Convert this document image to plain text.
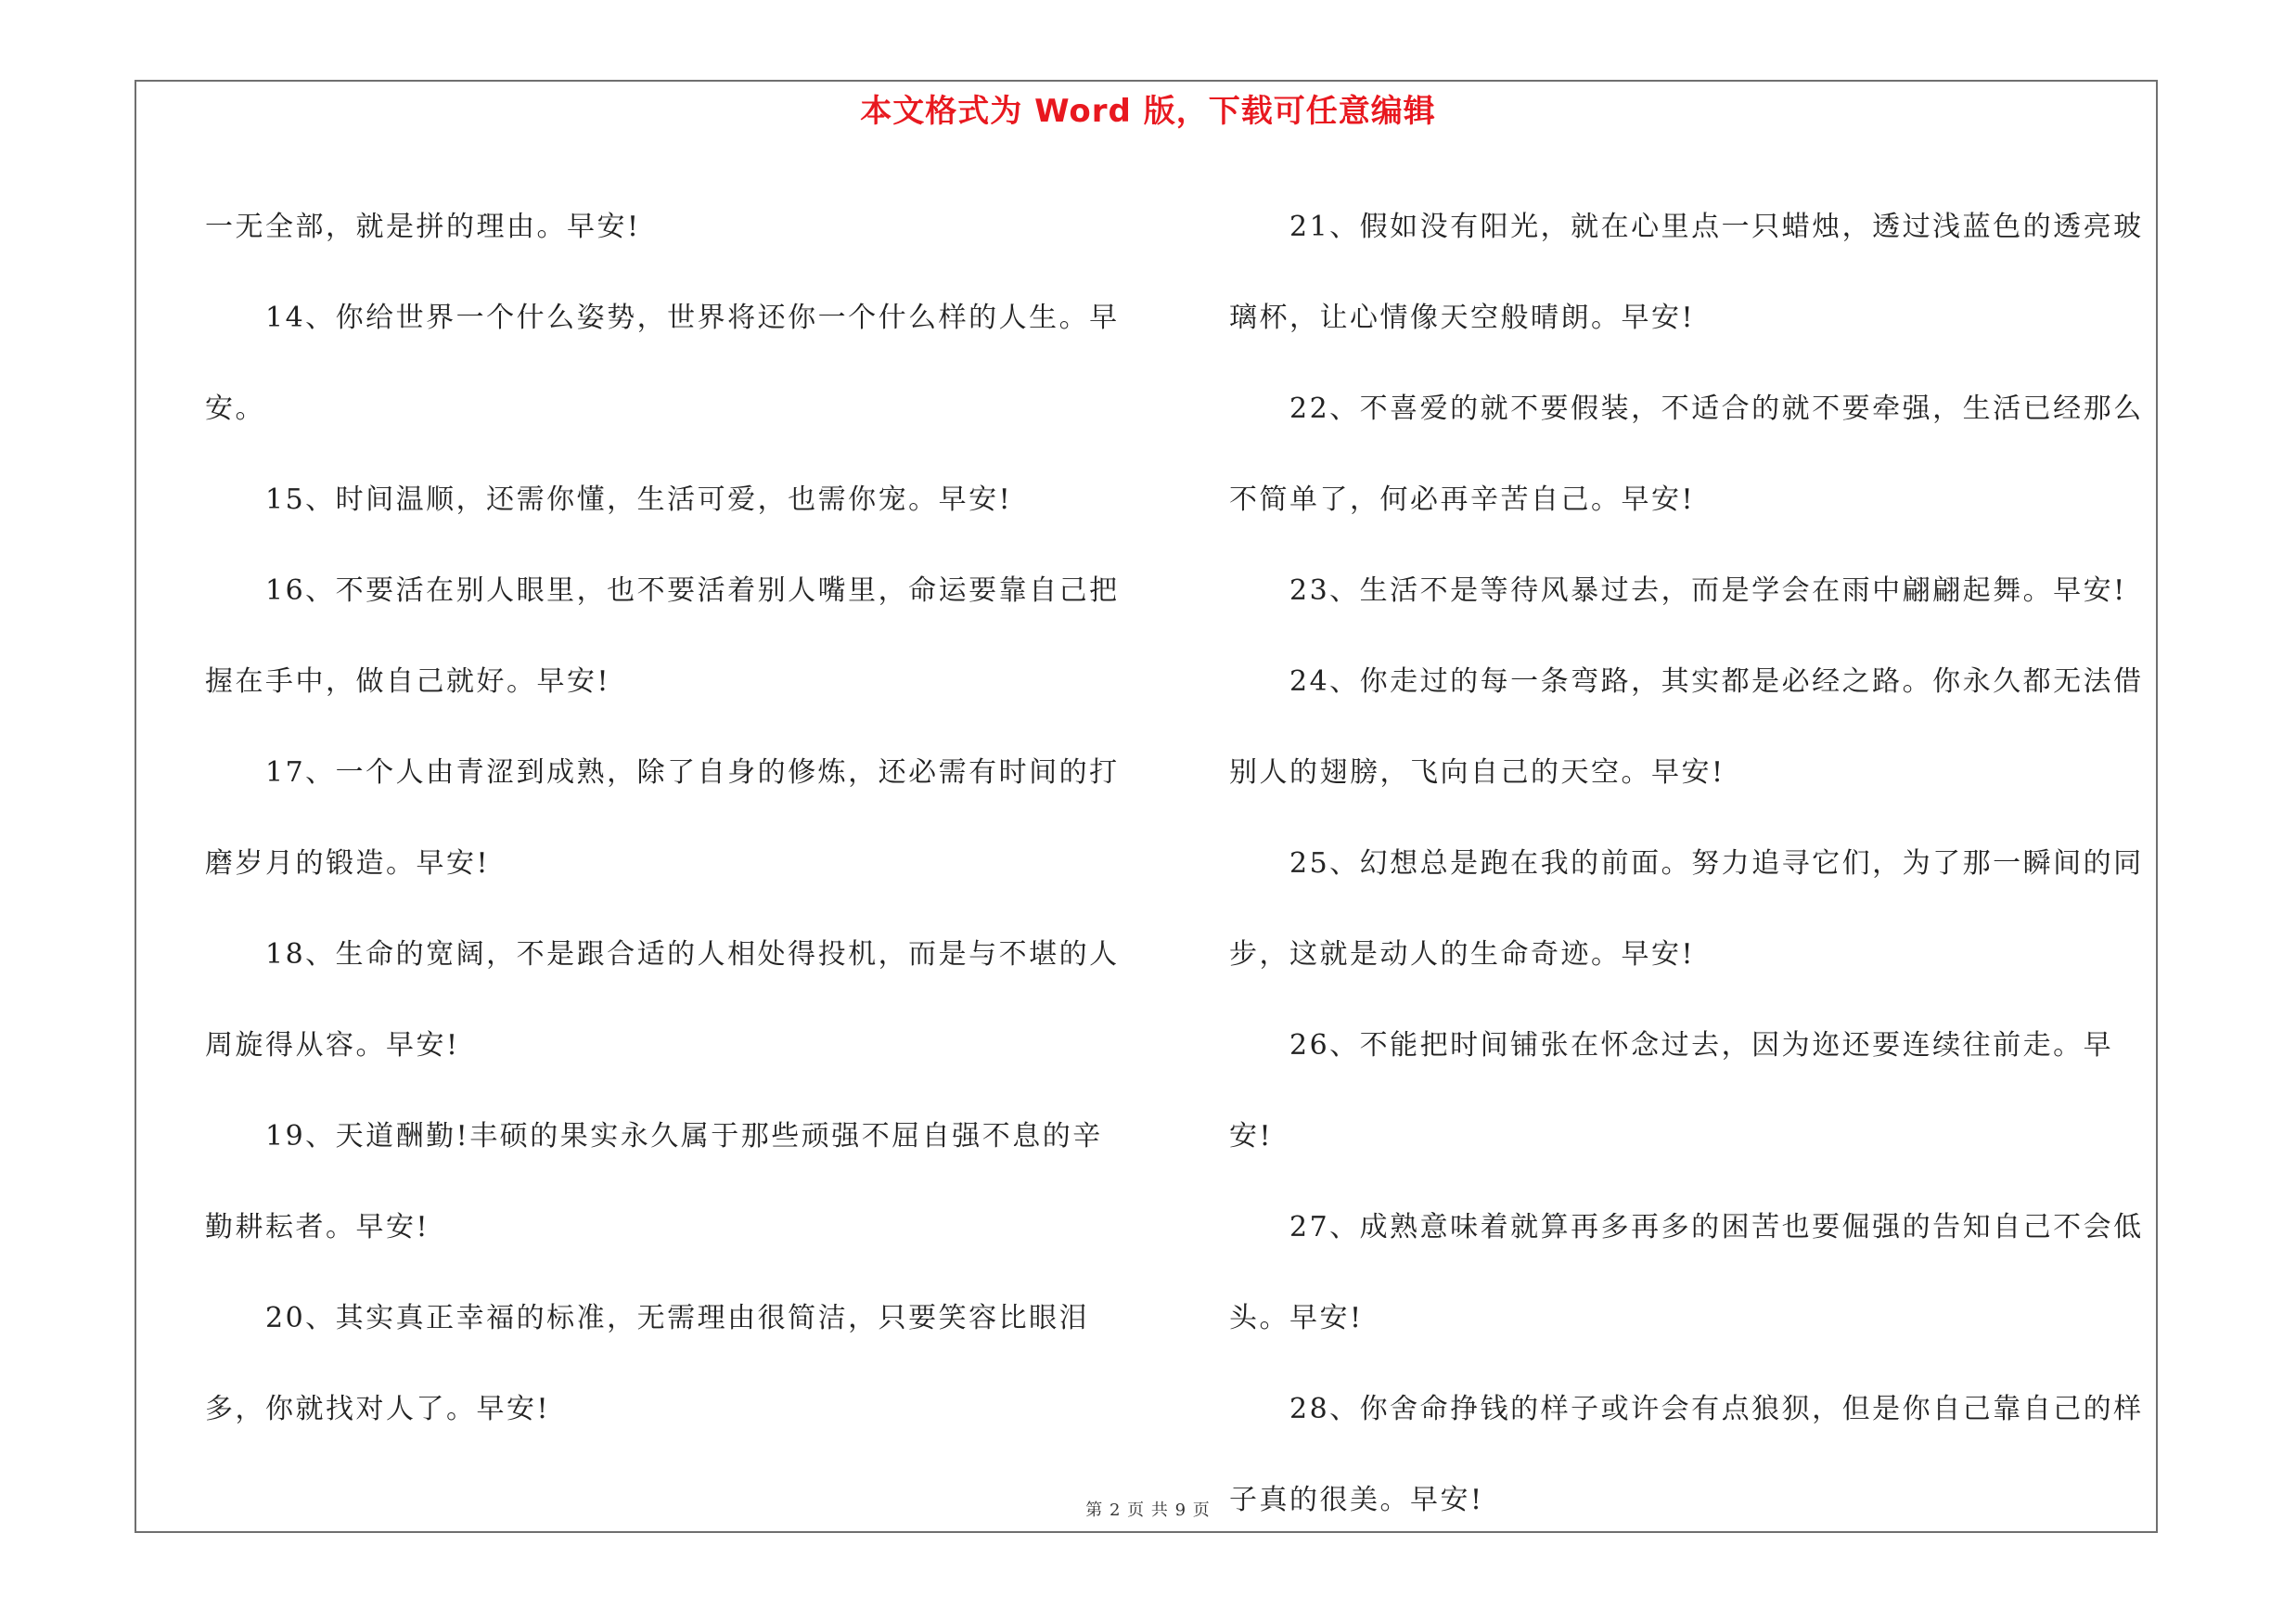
本文格式为 Word 版，下载可任意编辑

一无全部，就是拼的理由。早安!

14、你给世界一个什么姿势，世界将还你一个什么样的人生。早安。

15、时间温顺，还需你懂，生活可爱，也需你宠。早安!

16、不要活在别人眼里，也不要活着别人嘴里，命运要靠自己把握在手中，做自己就好。早安!

17、一个人由青涩到成熟，除了自身的修炼，还必需有时间的打磨岁月的锻造。早安!

18、生命的宽阔，不是跟合适的人相处得投机，而是与不堪的人周旋得从容。早安!

19、天道酬勤!丰硕的果实永久属于那些顽强不屈自强不息的辛勤耕耘者。早安!

20、其实真正幸福的标准，无需理由很简洁，只要笑容比眼泪多，你就找对人了。早安!

21、假如没有阳光，就在心里点一只蜡烛，透过浅蓝色的透亮玻璃杯，让心情像天空般晴朗。早安!

22、不喜爱的就不要假装，不适合的就不要牵强，生活已经那么不简单了，何必再辛苦自己。早安!

23、生活不是等待风暴过去，而是学会在雨中翩翩起舞。早安!

24、你走过的每一条弯路，其实都是必经之路。你永久都无法借别人的翅膀，飞向自己的天空。早安!

25、幻想总是跑在我的前面。努力追寻它们，为了那一瞬间的同步，这就是动人的生命奇迹。早安!

26、不能把时间铺张在怀念过去，因为迩还要连续往前走。早安!

27、成熟意味着就算再多再多的困苦也要倔强的告知自己不会低头。早安!

28、你舍命挣钱的样子或许会有点狼狈，但是你自己靠自己的样子真的很美。早安!

第 2 页 共 9 页
